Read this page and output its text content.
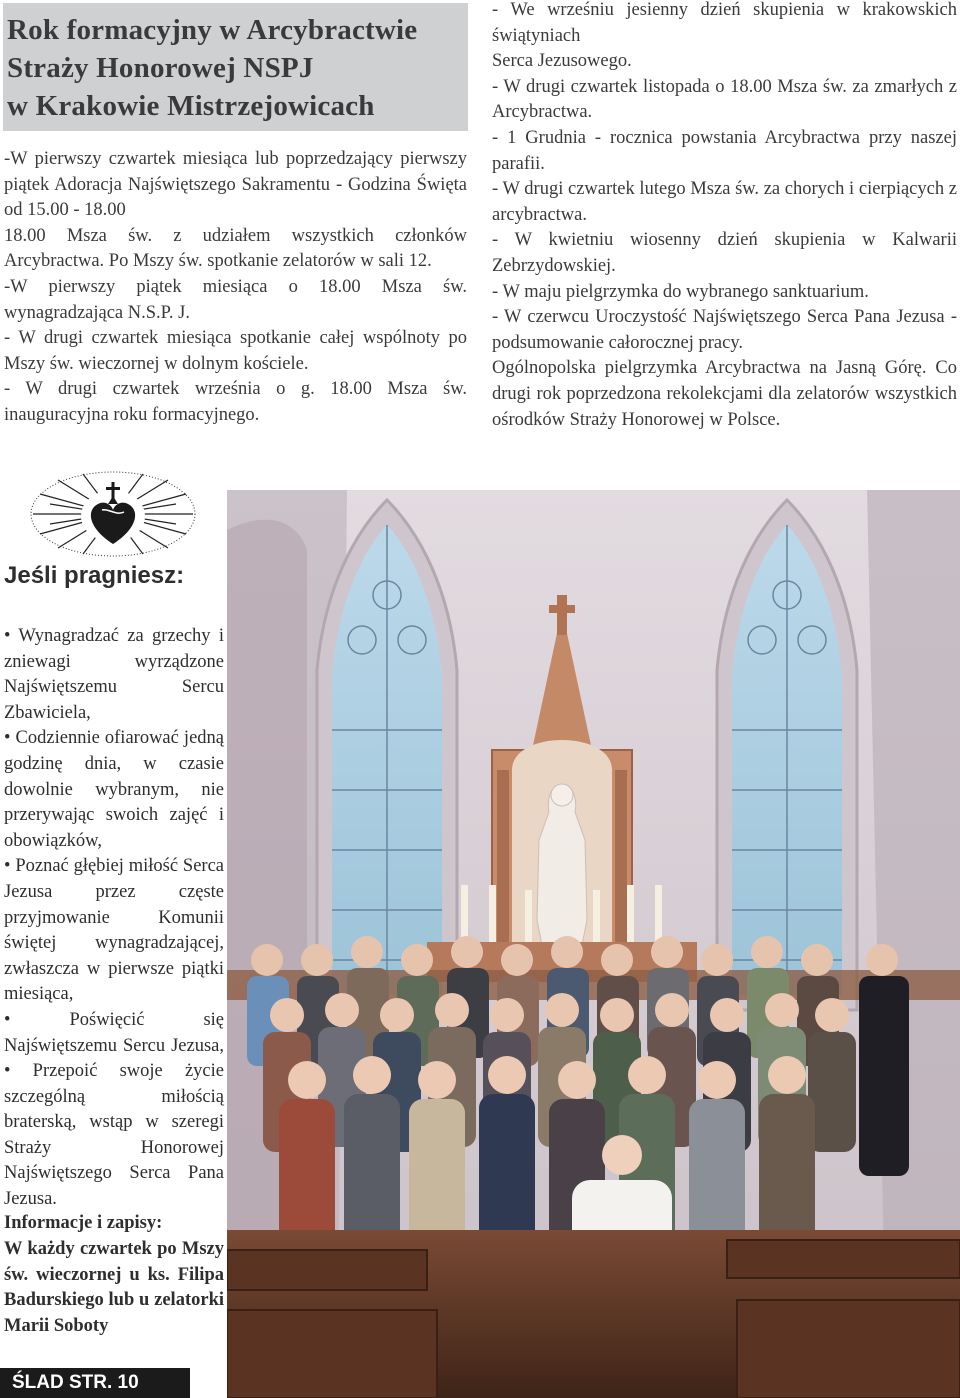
Rok formacyjny w Arcybractwie
Straży Honorowej NSPJ
w Krakowie Mistrzejowicach

-W pierwszy czwartek miesiąca lub poprzedzający pierwszy piątek Adoracja Najświętszego Sakramentu - Godzina Święta od 15.00 - 18.00

18.00 Msza św. z udziałem wszystkich członków Arcybractwa. Po Mszy św. spotkanie zelatorów w sali 12.

-W pierwszy piątek miesiąca o 18.00 Msza św. wynagradzająca N.S.P. J.

- W drugi czwartek miesiąca spotkanie całej wspólnoty po Mszy św. wieczornej w dolnym kościele.

- W drugi czwartek września o g. 18.00 Msza św. inauguracyjna roku formacyjnego.

- We wrześniu jesienny dzień skupienia w krakowskich świątyniach

Serca Jezusowego.

- W drugi czwartek listopada o 18.00 Msza św. za zmarłych z Arcybractwa.

- 1 Grudnia - rocznica powstania Arcybractwa przy naszej parafii.

- W drugi czwartek lutego Msza św. za chorych i cierpiących z arcybractwa.

- W kwietniu wiosenny dzień skupienia w Kalwarii Zebrzydowskiej.

- W maju pielgrzymka do wybranego sanktuarium.

- W czerwcu Uroczystość Najświętszego Serca Pana Jezusa - podsumowanie całorocznej pracy.

Ogólnopolska pielgrzymka Arcybractwa na Jasną Górę. Co drugi rok poprzedzona rekolekcjami dla zelatorów wszystkich ośrodków Straży Honorowej w Polsce.

Jeśli pragniesz:

• Wynagradzać za grzechy i zniewagi wyrządzone Najświętszemu Sercu Zbawiciela,

• Codziennie ofiarować jedną godzinę dnia, w czasie dowolnie wybranym, nie przerywając swoich zajęć i obowiązków,

• Poznać głębiej miłość Serca Jezusa przez częste przyjmowanie Komunii świętej wynagradzającej, zwłaszcza w pierwsze piątki miesiąca,

• Poświęcić się Najświętszemu Sercu Jezusa,

• Przepoić swoje życie szczególną miłością braterską, wstąp w szeregi Straży Honorowej Najświętszego Serca Pana Jezusa.

Informacje i zapisy:

W każdy czwartek po Mszy św. wieczornej u ks. Filipa Badurskiego lub u zelatorki Marii Soboty

ŚLAD STR. 10
